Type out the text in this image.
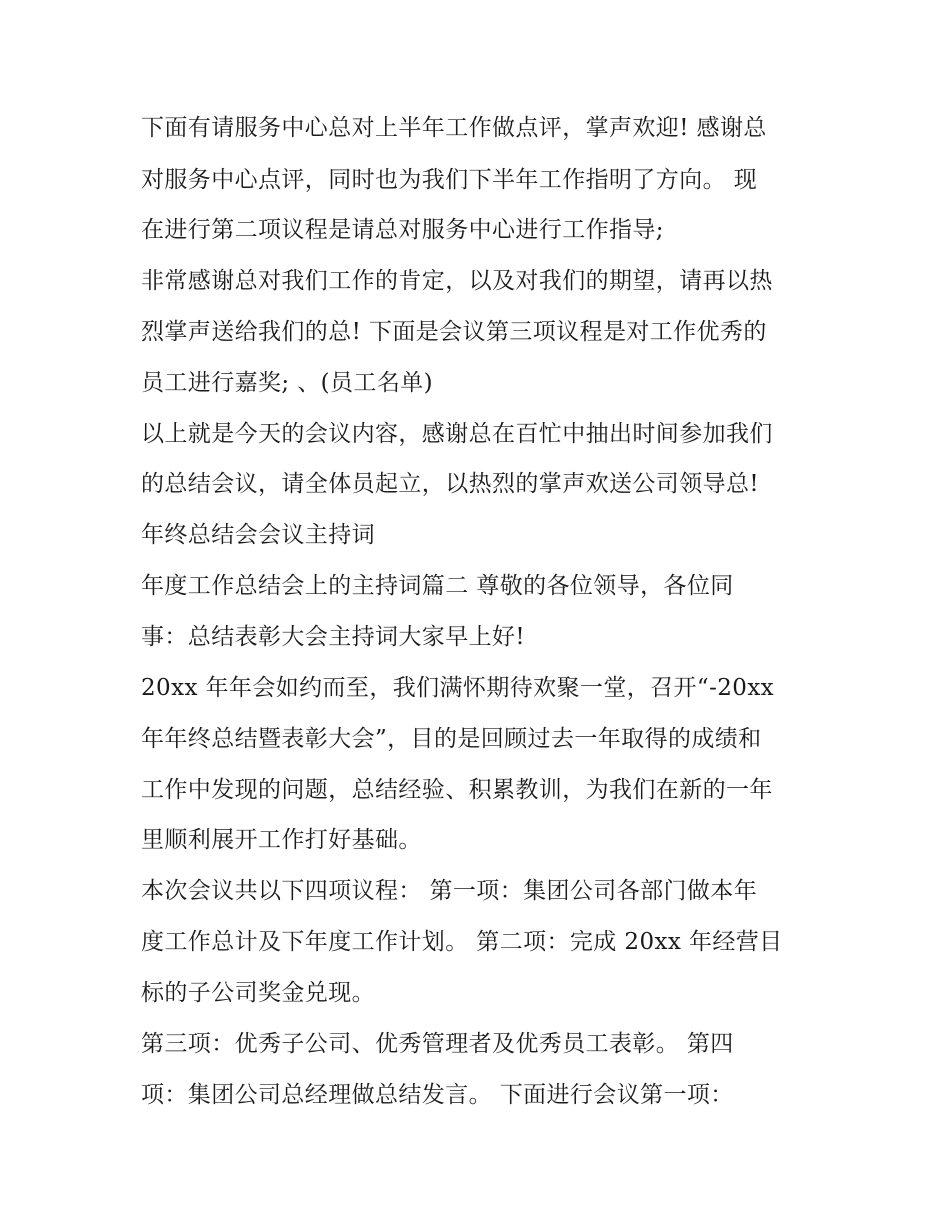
下面有请服务中心总对上半年工作做点评，掌声欢迎! 感谢总
对服务中心点评，同时也为我们下半年工作指明了方向。 现
在进行第二项议程是请总对服务中心进行工作指导;
非常感谢总对我们工作的肯定，以及对我们的期望，请再以热
烈掌声送给我们的总! 下面是会议第三项议程是对工作优秀的
员工进行嘉奖; 、(员工名单)
以上就是今天的会议内容，感谢总在百忙中抽出时间参加我们
的总结会议，请全体员起立，以热烈的掌声欢送公司领导总!
年终总结会会议主持词
年度工作总结会上的主持词篇二 尊敬的各位领导，各位同
事：总结表彰大会主持词大家早上好!
20xx 年年会如约而至，我们满怀期待欢聚一堂，召开“-20xx
年年终总结暨表彰大会”，目的是回顾过去一年取得的成绩和
工作中发现的问题，总结经验、积累教训，为我们在新的一年
里顺利展开工作打好基础。
本次会议共以下四项议程： 第一项：集团公司各部门做本年
度工作总计及下年度工作计划。 第二项：完成 20xx 年经营目
标的子公司奖金兑现。
第三项：优秀子公司、优秀管理者及优秀员工表彰。 第四
项：集团公司总经理做总结发言。 下面进行会议第一项：
